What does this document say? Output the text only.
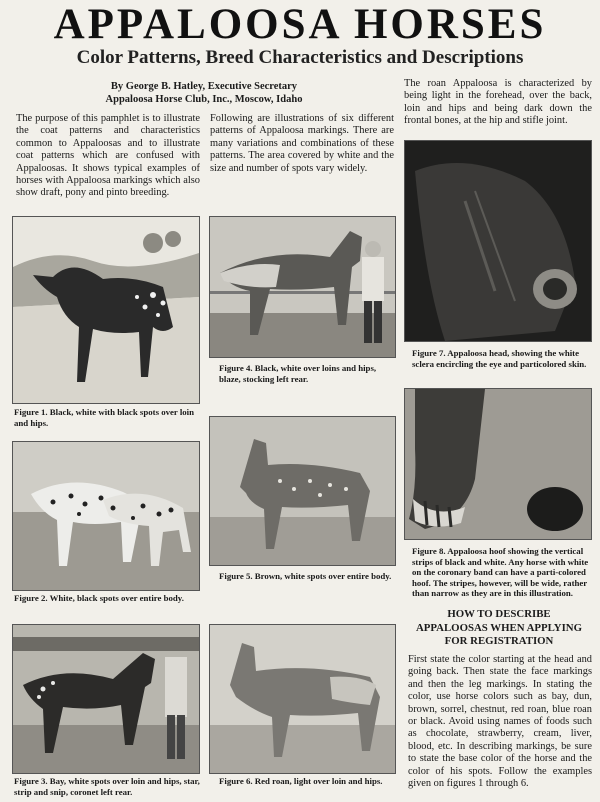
APPALOOSA HORSES
Color Patterns, Breed Characteristics and Descriptions
By George B. Hatley, Executive Secretary
Appaloosa Horse Club, Inc., Moscow, Idaho
The purpose of this pamphlet is to illustrate the coat patterns and characteristics common to Appaloosas and to illustrate coat patterns which are confused with Appaloosas. It shows typical examples of horses with Appaloosa markings which also show draft, pony and pinto breeding.
Following are illustrations of six different patterns of Appaloosa markings. There are many variations and combinations of these patterns. The area covered by white and the size and number of spots vary widely.
The roan Appaloosa is characterized by being light in the forehead, over the back, loin and hips and being dark down the frontal bones, at the hip and stifle joint.
Figure 1. Black, white with black spots over loin and hips.
Figure 2. White, black spots over entire body.
Figure 3. Bay, white spots over loin and hips, star, strip and snip, coronet left rear.
Figure 4. Black, white over loins and hips, blaze, stocking left rear.
Figure 5. Brown, white spots over entire body.
Figure 6. Red roan, light over loin and hips.
Figure 7. Appaloosa head, showing the white sclera encircling the eye and particolored skin.
Figure 8. Appaloosa hoof showing the vertical strips of black and white. Any horse with white on the coronary band can have a parti-colored hoof. The stripes, however, will be wide, rather than narrow as they are in this illustration.
HOW TO DESCRIBE
APPALOOSAS WHEN APPLYING
FOR REGISTRATION
First state the color starting at the head and going back. Then state the face markings and then the leg markings. In stating the color, use horse colors such as bay, dun, brown, sorrel, chestnut, red roan, blue roan or black. Avoid using names of foods such as chocolate, strawberry, cream, liver, blood, etc. In describing markings, be sure to state the base color of the horse and the color of his spots. Follow the examples given on figures 1 through 6.
